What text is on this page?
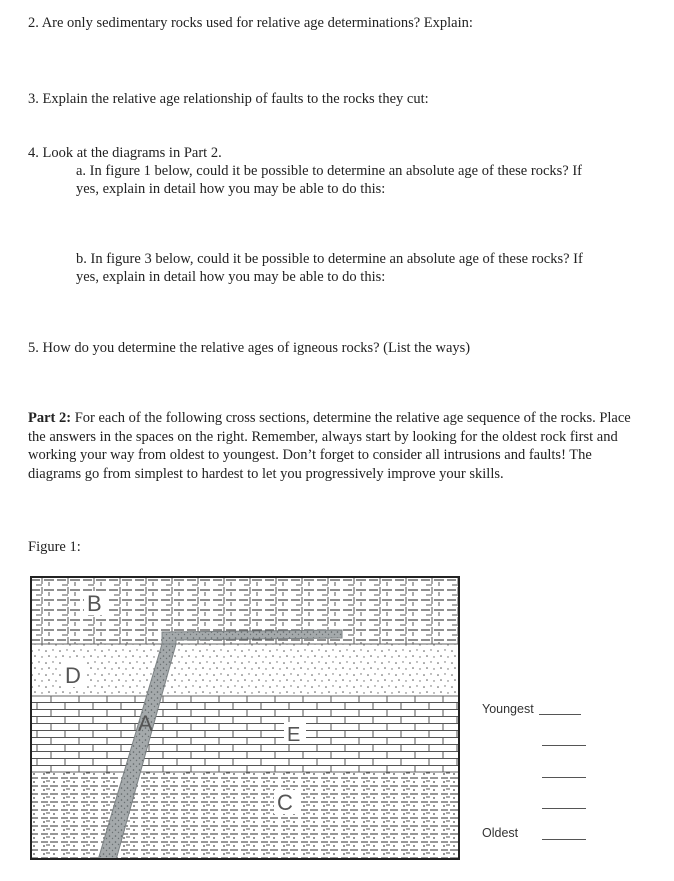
2. Are only sedimentary rocks used for relative age determinations? Explain:
3. Explain the relative age relationship of faults to the rocks they cut:
4. Look at the diagrams in Part 2.
a. In figure 1 below, could it be possible to determine an absolute age of these rocks? If
yes, explain in detail how you may be able to do this:
b. In figure 3 below, could it be possible to determine an absolute age of these rocks? If
yes, explain in detail how you may be able to do this:
5. How do you determine the relative ages of igneous rocks? (List the ways)
Part 2: For each of the following cross sections, determine the relative age sequence of the rocks. Place the answers in the spaces on the right. Remember, always start by looking for the oldest rock first and working your way from oldest to youngest. Don’t forget to consider all intrusions and faults! The diagrams go from simplest to hardest to let you progressively improve your skills.
Figure 1:
B
D
A	E
C
Youngest
Oldest
